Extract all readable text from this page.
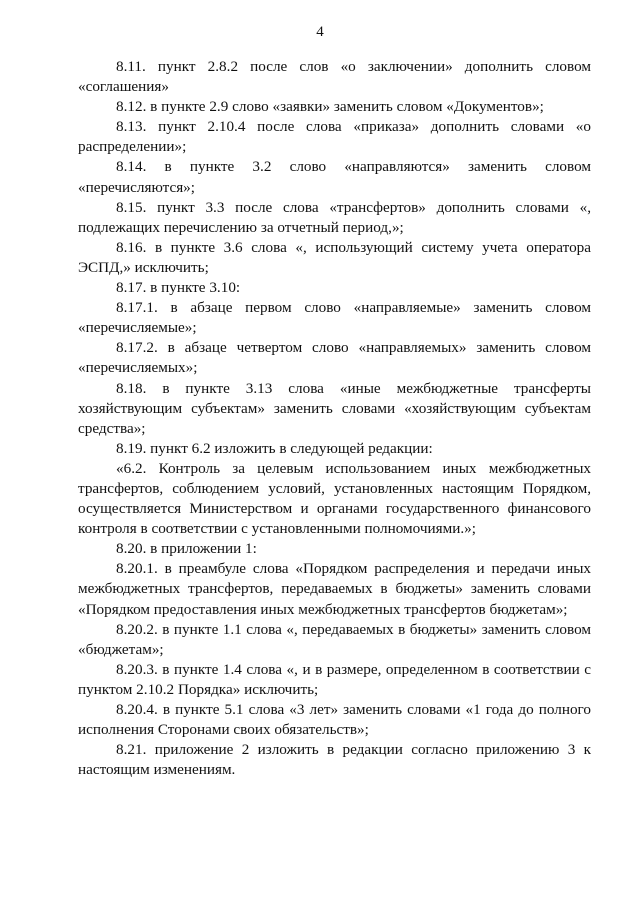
4

8.11. пункт 2.8.2 после слов «о заключении» дополнить словом «соглашения»

8.12. в пункте 2.9 слово «заявки» заменить словом «Документов»;

8.13. пункт 2.10.4 после слова «приказа» дополнить словами «о распределении»;

8.14. в пункте 3.2 слово «направляются» заменить словом «перечисляются»;

8.15. пункт 3.3 после слова «трансфертов» дополнить словами «, подлежащих перечислению за отчетный период,»;

8.16. в пункте 3.6 слова «, использующий систему учета оператора ЭСПД,» исключить;

8.17. в пункте 3.10:

8.17.1. в абзаце первом слово «направляемые» заменить словом «перечисляемые»;

8.17.2. в абзаце четвертом слово «направляемых» заменить словом «перечисляемых»;

8.18. в пункте 3.13 слова «иные межбюджетные трансферты хозяйствующим субъектам» заменить словами «хозяйствующим субъектам средства»;

8.19. пункт 6.2 изложить в следующей редакции:

«6.2. Контроль за целевым использованием иных межбюджетных трансфертов, соблюдением условий, установленных настоящим Порядком, осуществляется Министерством и органами государственного финансового контроля в соответствии с установленными полномочиями.»;

8.20. в приложении 1:

8.20.1. в преамбуле слова «Порядком распределения и передачи иных межбюджетных трансфертов, передаваемых в бюджеты» заменить словами «Порядком предоставления иных межбюджетных трансфертов бюджетам»;

8.20.2. в пункте 1.1 слова «, передаваемых в бюджеты» заменить словом «бюджетам»;

8.20.3. в пункте 1.4 слова «, и в размере, определенном в соответствии с пунктом 2.10.2 Порядка» исключить;

8.20.4. в пункте 5.1 слова «3 лет» заменить словами «1 года до полного исполнения Сторонами своих обязательств»;

8.21. приложение 2 изложить в редакции согласно приложению 3 к настоящим изменениям.
